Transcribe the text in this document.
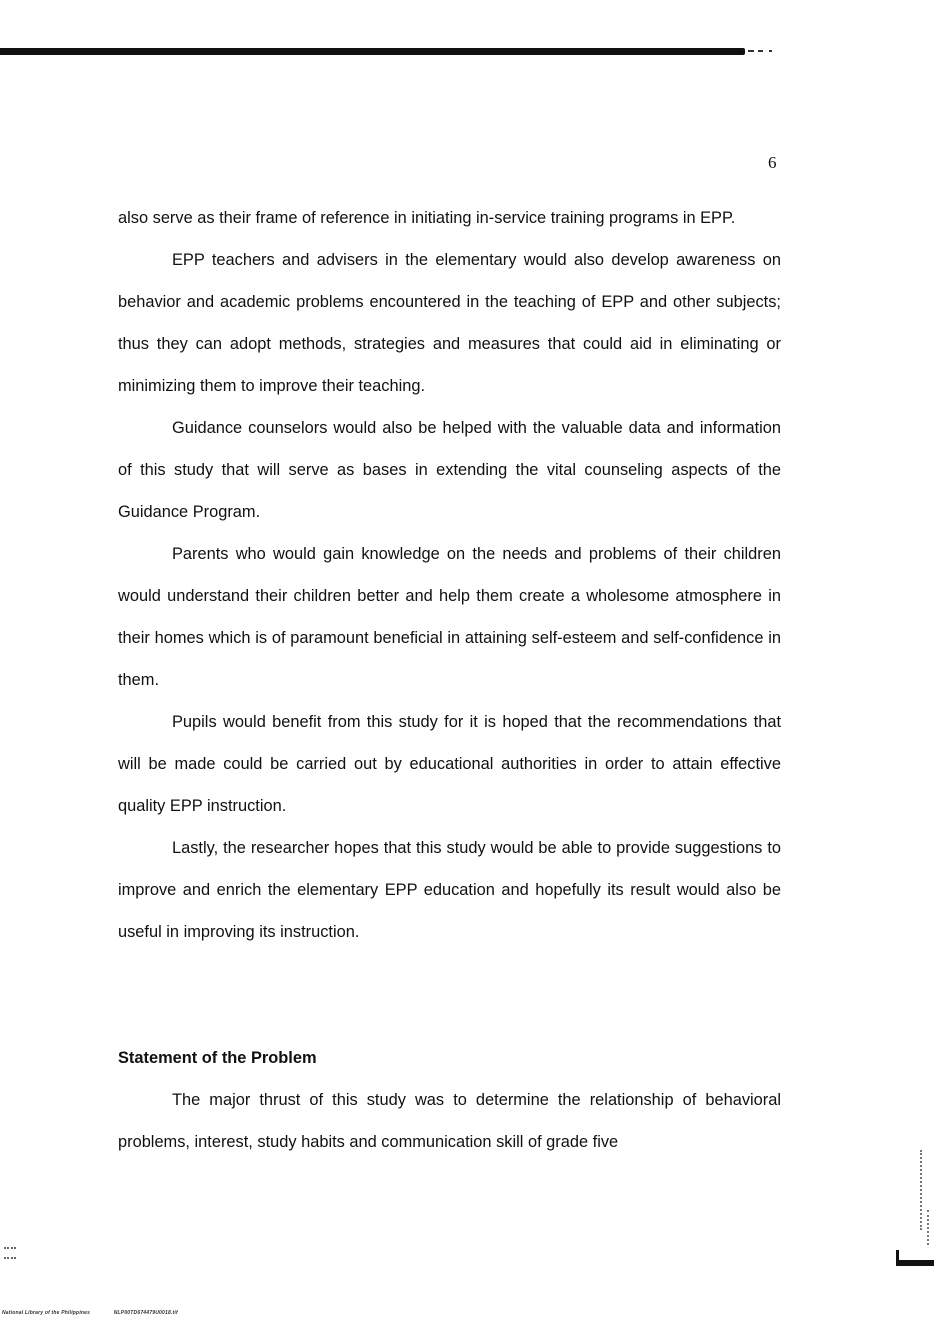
6

also serve as their frame of reference in initiating in-service training programs in EPP.

EPP teachers and advisers in the elementary would also develop awareness on behavior and academic problems encountered in the teaching of EPP and other subjects; thus they can adopt methods, strategies and measures that could aid in eliminating or minimizing them to improve their teaching.

Guidance counselors would also be helped with the valuable data and information of this study that will serve as bases in extending the vital counseling aspects of the Guidance Program.

Parents who would gain knowledge on the needs and problems of their children would understand their children better and help them create a wholesome atmosphere in their homes which is of paramount beneficial in attaining self-esteem and self-confidence in them.

Pupils would benefit from this study for it is hoped that the recommendations that will be made could be carried out by educational authorities in order to attain effective quality EPP instruction.

Lastly, the researcher hopes that this study would be able to provide suggestions to improve and enrich the elementary EPP education and hopefully its result would also be useful in improving its instruction.

Statement of the Problem

The major thrust of this study was to determine the relationship of behavioral problems, interest, study habits and communication skill of grade five

National Library of the Philippines	NLP00TD674479U0018.tif
